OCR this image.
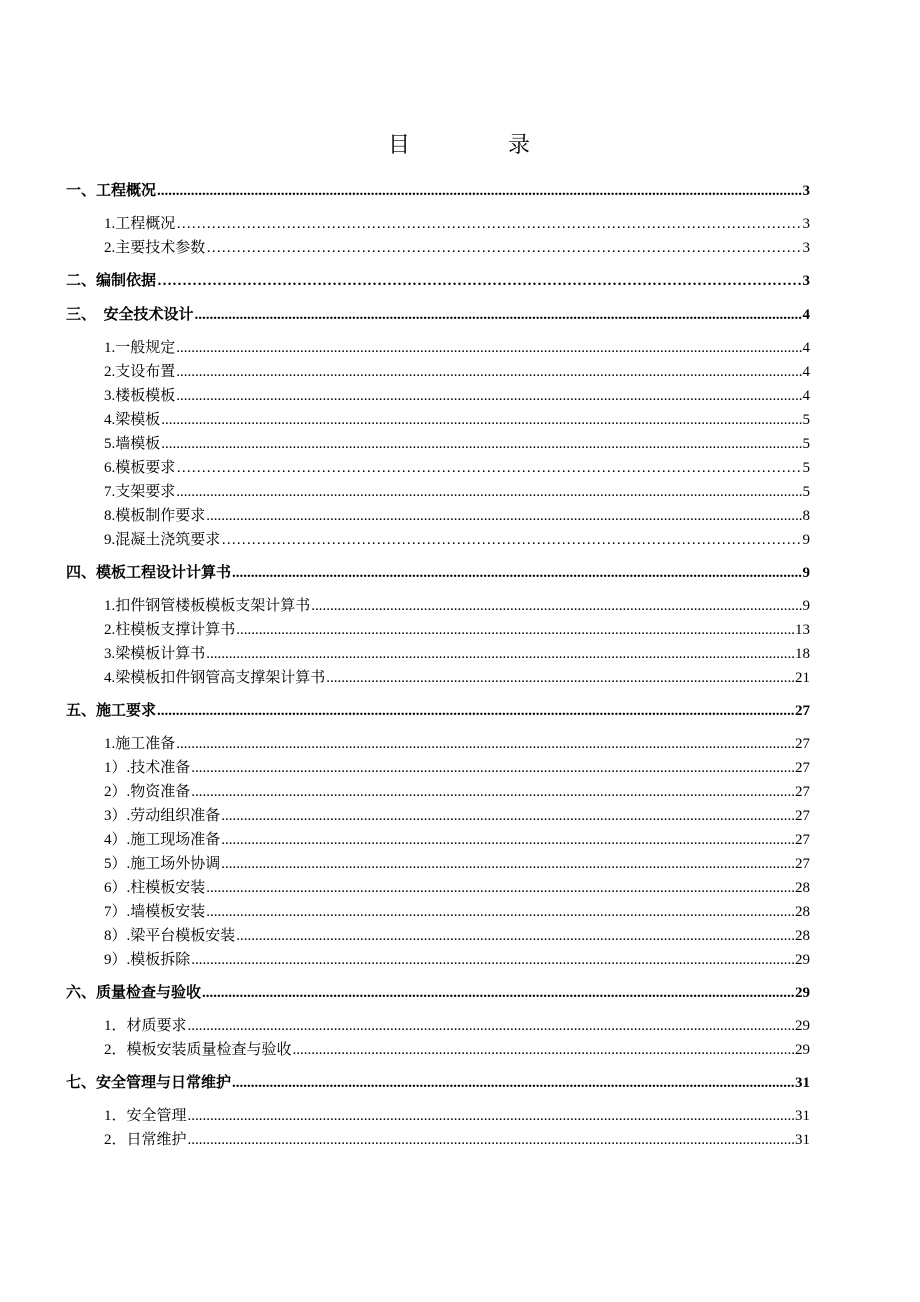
目	录
一、工程概况 .....	3
1.工程概况 …………………………………………………………………………………………………………………………………………………………………………………………………………………	3
2.主要技术参数 …………………………………………………………………………………………………………………………………………………………………………………………………………………	3
二、编制依据 …………………………………………………………………………………………………………………………………………………………………………………………………………………	3
三、　安全技术设计 .....	4
1.一般规定 .....	4
2.支设布置 .....	4
3.楼板模板 .....	4
4.梁模板 .....	5
5.墙模板 .....	5
6.模板要求 …………………………………………………………………………………………………………………………………………………………………………………………………………………	5
7.支架要求 .....	5
8.模板制作要求 .....	8
9.混凝土浇筑要求 …………………………………………………………………………………………………………………………………………………………………………………………………………………	9
四、模板工程设计计算书 .....	9
1.扣件钢管楼板模板支架计算书 .....	9
2.柱模板支撑计算书 .....	13
3.梁模板计算书 .....	18
4.梁模板扣件钢管高支撑架计算书 .....	21
五、施工要求 .....	27
1.施工准备 .....	27
1）.技术准备 .....	27
2）.物资准备 .....	27
3）.劳动组织准备 .....	27
4）.施工现场准备 .....	27
5）.施工场外协调 .....	27
6）.柱模板安装 .....	28
7）.墙模板安装 .....	28
8）.梁平台模板安装 .....	28
9）.模板拆除 .....	29
六、质量检查与验收 .....	29
1．材质要求 .....	29
2．模板安装质量检查与验收 .....	29
七、安全管理与日常维护 .....	31
1．安全管理 .....	31
2．日常维护 .....	31
